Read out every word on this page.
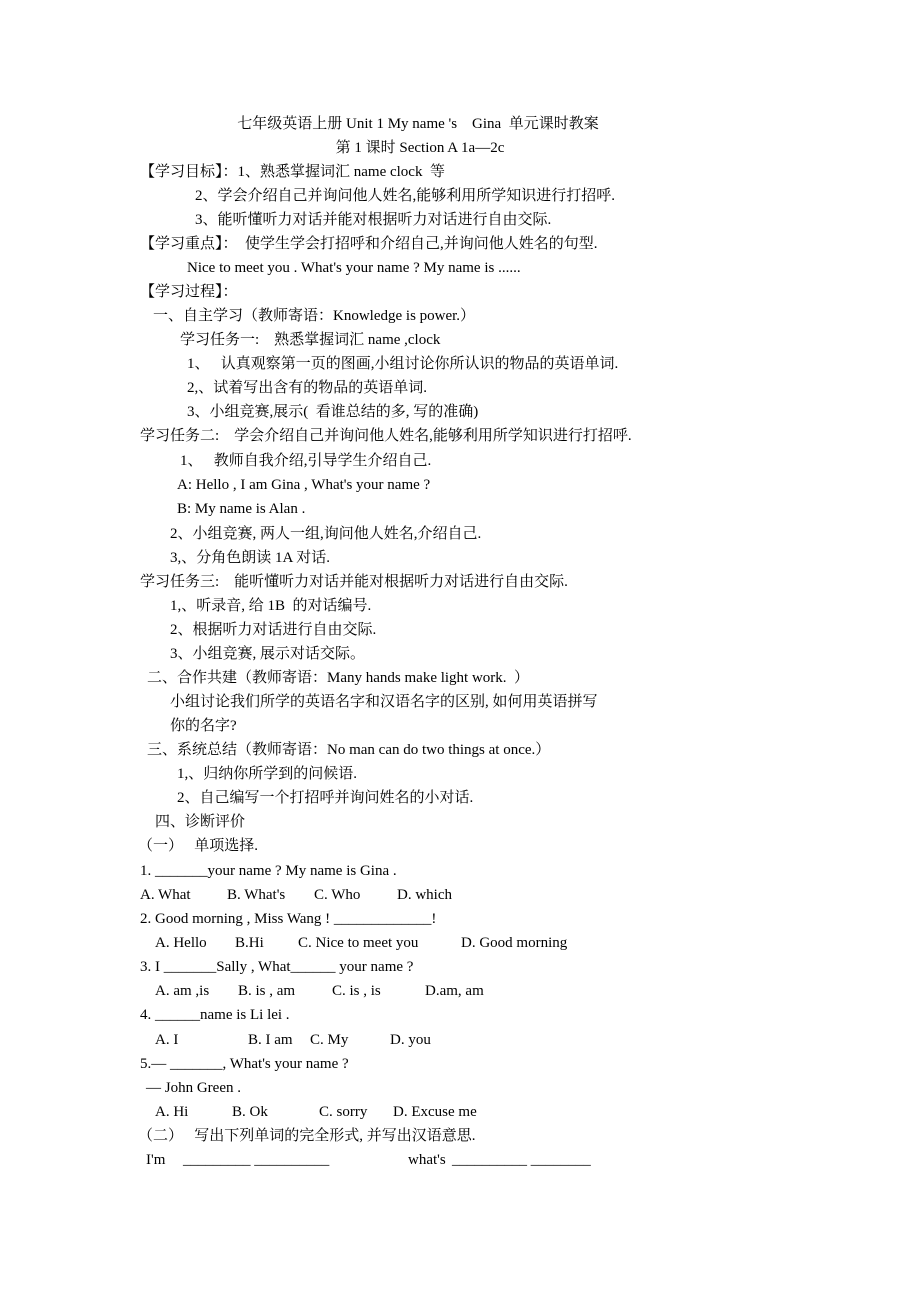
七年级英语上册 Unit 1 My name 's    Gina  单元课时教案
第 1 课时 Section A 1a—2c
【学习目标】：1、熟悉掌握词汇 name clock  等
2、学会介绍自己并询问他人姓名,能够利用所学知识进行打招呼.
3、能听懂听力对话并能对根据听力对话进行自由交际.
【学习重点】：  使学生学会打招呼和介绍自己,并询问他人姓名的句型.
Nice to meet you . What's your name ? My name is ......
【学习过程】：
一、自主学习（教师寄语：Knowledge is power.）
学习任务一:    熟悉掌握词汇 name ,clock
1、   认真观察第一页的图画,小组讨论你所认识的物品的英语单词.
2,、试着写出含有的物品的英语单词.
3、小组竞赛,展示(  看谁总结的多, 写的准确)
学习任务二:    学会介绍自己并询问他人姓名,能够利用所学知识进行打招呼.
1、   教师自我介绍,引导学生介绍自己.
A: Hello , I am Gina , What's your name ?
B: My name is Alan .
2、小组竞赛, 两人一组,询问他人姓名,介绍自己.
3,、分角色朗读 1A 对话.
学习任务三:    能听懂听力对话并能对根据听力对话进行自由交际.
1,、听录音, 给 1B  的对话编号.
2、根据听力对话进行自由交际.
3、小组竞赛, 展示对话交际。
二、合作共建（教师寄语：Many hands make light work.  ）
小组讨论我们所学的英语名字和汉语名字的区别, 如何用英语拼写
你的名字?
三、系统总结（教师寄语：No man can do two things at once.）
1,、归纳你所学到的问候语.
2、自己编写一个打招呼并询问姓名的小对话.
四、诊断评价
（一）   单项选择.
1. _______your name ? My name is Gina .
A. What B. What's C. Who D. which
2. Good morning , Miss Wang ! _____________!
A. Hello B.Hi C. Nice to meet you	D. Good morning
3. I _______Sally , What______ your name ?
A. am ,is B. is , am C. is , is	D.am, am
4. ______name is Li lei .
A. I	B. I am C. My	D. you
5.— _______, What's your name ?
— John Green .
A. Hi	B. Ok	C. sorry D. Excuse me
（二）   写出下列单词的完全形式, 并写出汉语意思.
I'm _________ __________	what's __________ ________
